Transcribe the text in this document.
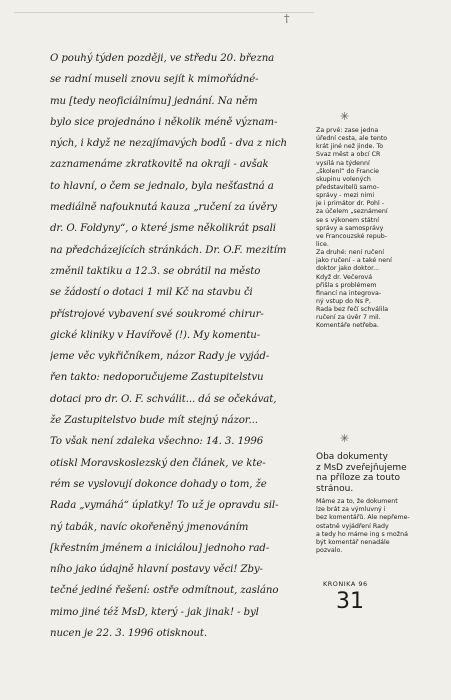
†
O pouhý týden později, ve středu 20. března
se radní museli znovu sejít k mimořádné-
mu [tedy neoficiálnímu] jednání. Na něm
bylo sice projednáno i několik méně význam-
ných, i když ne nezajímavých bodů - dva z nich
zaznamenáme zkratkovitě na okraji - avšak
to hlavní, o čem se jednalo, byla nešťastná a
mediálně nafouknutá kauza „ručení za úvěry
dr. O. Foldyny“, o které jsme několikrát psali
na předcházejících stránkách. Dr. O.F. mezitím
změnil taktiku a 12.3. se obrátil na město
se žádostí o dotaci 1 mil Kč na stavbu či
přístrojové vybavení své soukromé chirur-
gické kliniky v Havířově (!). My komentu-
jeme věc vykřičníkem, názor Rady je vyjád-
řen takto: nedoporučujeme Zastupitelstvu
dotaci pro dr. O. F. schválit... dá se očekávat,
že Zastupitelstvo bude mít stejný názor...
To však není zdaleka všechno: 14. 3. 1996
otiskl Moravskoslezský den článek, ve kte-
rém se vyslovují dokonce dohady o tom, že
Rada „vymáhá“ úplatky! To už je opravdu sil-
ný tabák, navíc okořeněný jmenováním
[křestním jménem a iniciálou] jednoho rad-
ního jako údajně hlavní postavy věci! Zby-
tečné jediné řešení: ostře odmítnout, zasláno
mimo jiné též MsD, který - jak jinak! - byl
nucen je 22. 3. 1996 otisknout.
✳
Za prvé: zase jedna
úřední cesta, ale tento
krát jiné než jinde. To
Svaz měst a obcí ČR
vysílá na týdenní
„školení“ do Francie
skupinu volených
představitelů samo-
správy - mezi nimi
je i primátor dr. Pohl -
za účelem „seznámení
se s výkonem státní
správy a samosprávy
ve Francouzské repub-
lice.
Za druhé: není ručení
jako ručení - a také není
doktor jako doktor...
Když dr. Večerová
přišla s problémem
financí na integrova-
ný vstup do Ns P,
Rada bez řečí schválila
ručení za úvěr 7 mil.
Komentáře netřeba.
✳
Oba dokumenty
z MsD zveřejňujeme
na příloze za touto
stránou.
Máme za to, že dokument
lze brát za výmluvný i
bez komentářů. Ale nepřeme-
ostatně vyjádření Rady
a tedy ho máme ing s možná
být komentář nenadále
pozvalo.
KRONIKA 96
31
